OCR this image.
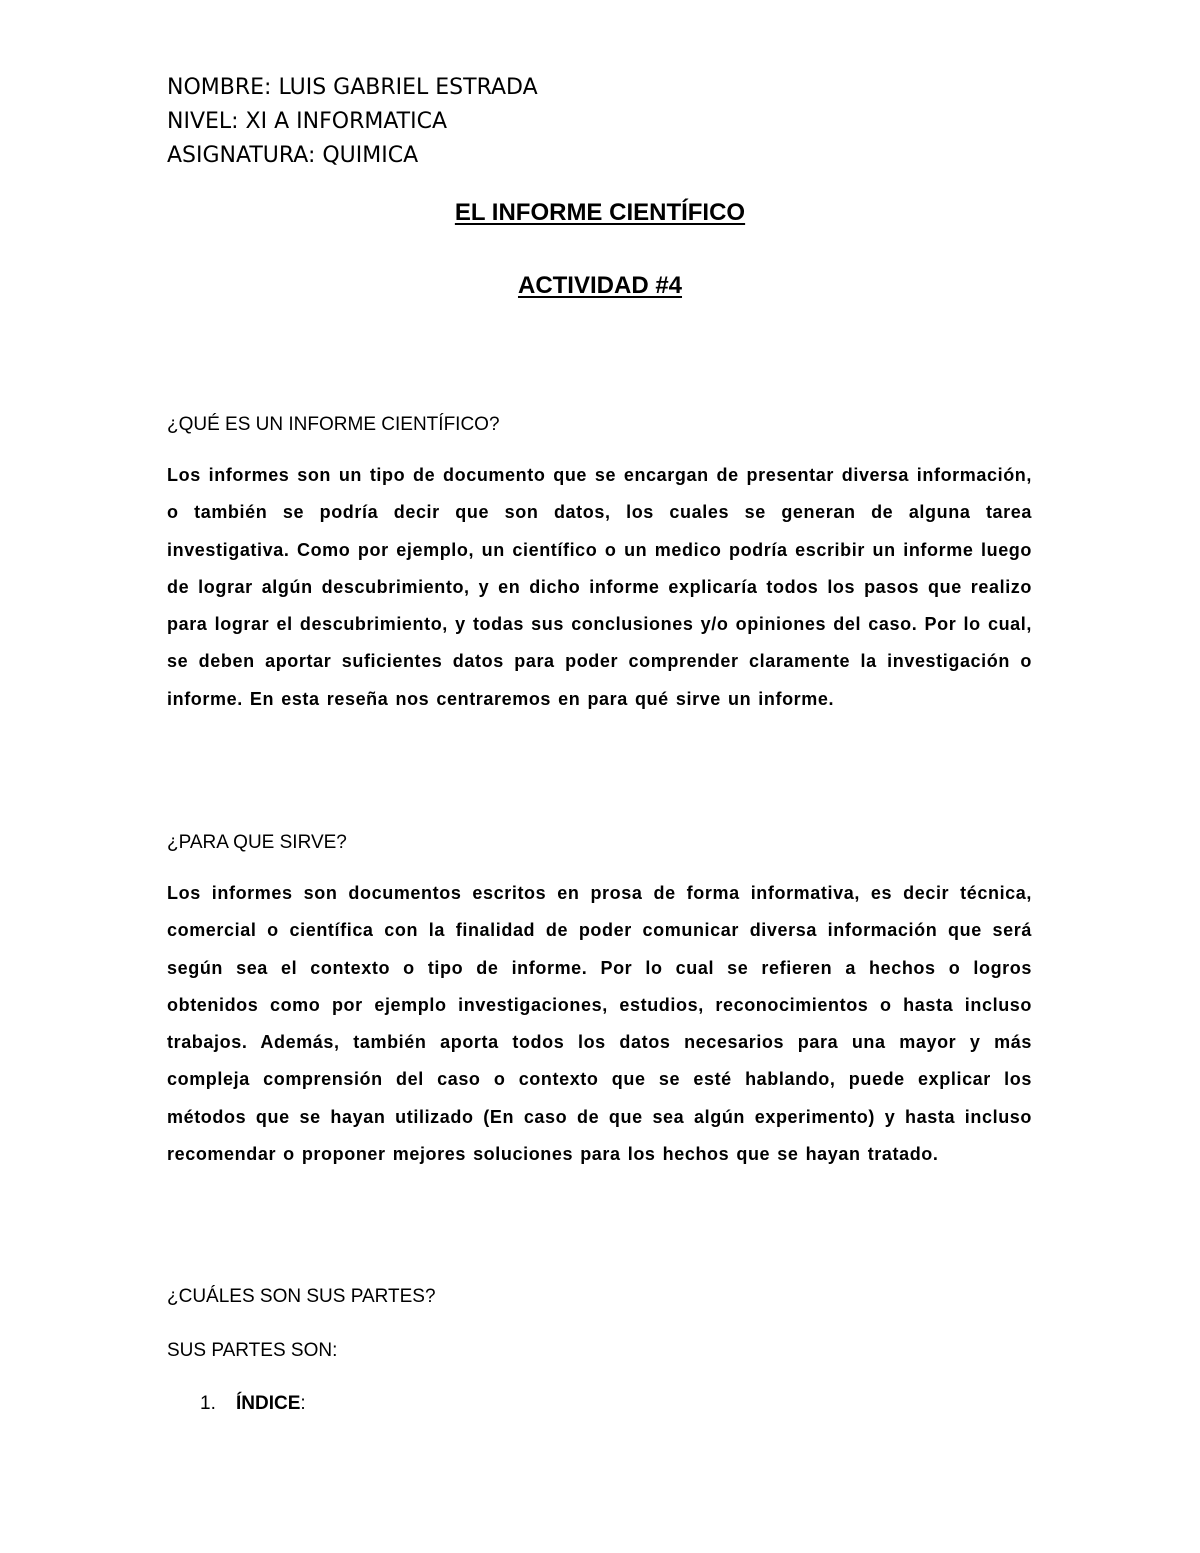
NOMBRE: LUIS GABRIEL ESTRADA
NIVEL: XI A INFORMATICA
ASIGNATURA: QUIMICA
EL INFORME CIENTÍFICO
ACTIVIDAD #4
¿QUÉ ES UN INFORME CIENTÍFICO?

Los informes son un tipo de documento que se encargan de presentar diversa información, o también se podría decir que son datos, los cuales se generan de alguna tarea investigativa. Como por ejemplo, un científico o un medico podría escribir un informe luego de lograr algún descubrimiento, y en dicho informe explicaría todos los pasos que realizo para lograr el descubrimiento, y todas sus conclusiones y/o opiniones del caso. Por lo cual, se deben aportar suficientes datos para poder comprender claramente la investigación o informe. En esta reseña nos centraremos en para qué sirve un informe.

¿PARA QUE SIRVE?

Los informes son documentos escritos en prosa de forma informativa, es decir técnica, comercial o científica con la finalidad de poder comunicar diversa información que será según sea el contexto o tipo de informe. Por lo cual se refieren a hechos o logros obtenidos como por ejemplo investigaciones, estudios, reconocimientos o hasta incluso trabajos. Además, también aporta todos los datos necesarios para una mayor y más compleja comprensión del caso o contexto que se esté hablando, puede explicar los métodos que se hayan utilizado (En caso de que sea algún experimento) y hasta incluso recomendar o proponer mejores soluciones para los hechos que se hayan tratado.

¿CUÁLES SON SUS PARTES?
SUS PARTES SON:
1. ÍNDICE:
